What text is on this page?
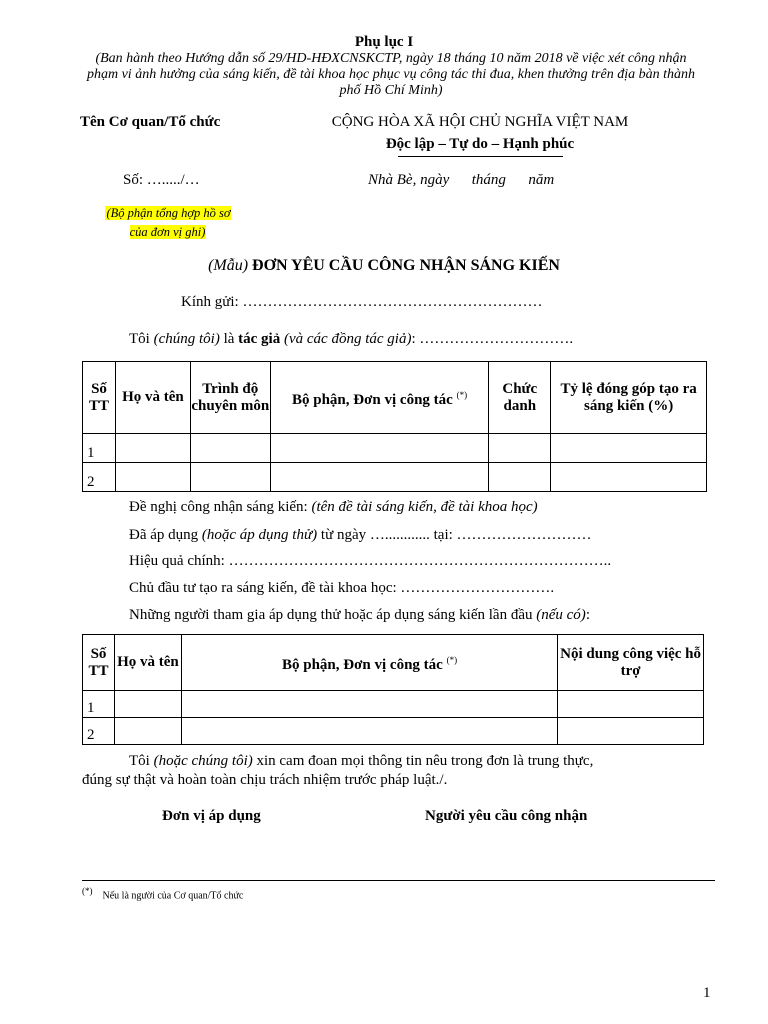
Phụ lục I
(Ban hành theo Hướng dẫn số 29/HD-HĐXCNSKCTP, ngày 18 tháng 10 năm 2018 về việc xét công nhận phạm vi ảnh hưởng của sáng kiến, đề tài khoa học phục vụ công tác thi đua, khen thưởng trên địa bàn thành phố Hồ Chí Minh)
Tên Cơ quan/Tổ chức	CỘNG HÒA XÃ HỘI CHỦ NGHĨA VIỆT NAM
Độc lập – Tự do – Hạnh phúc
Số: …...../…	Nhà Bè, ngày      tháng      năm
(Bộ phận tổng hợp hồ sơ của đơn vị ghi)
(Mẫu) ĐƠN YÊU CẦU CÔNG NHẬN SÁNG KIẾN
Kính gửi: ……………………………………………………
Tôi (chúng tôi) là tác giả (và các đồng tác giả): ………………………….
Số TT	Họ và tên	Trình độ chuyên môn	Bộ phận, Đơn vị công tác (*)	Chức danh	Tỷ lệ đóng góp tạo ra sáng kiến (%)
1					
2					
Đề nghị công nhận sáng kiến: (tên đề tài sáng kiến, đề tài khoa học)
Đã áp dụng (hoặc áp dụng thử) từ ngày …............ tại: ………………………
Hiệu quả chính: …………………………………………………………………..
Chủ đầu tư tạo ra sáng kiến, đề tài khoa học: ………………………….
Những người tham gia áp dụng thử hoặc áp dụng sáng kiến lần đầu (nếu có):
Số TT	Họ và tên	Bộ phận, Đơn vị công tác (*)	Nội dung công việc hỗ trợ
1			
2			
Tôi (hoặc chúng tôi) xin cam đoan mọi thông tin nêu trong đơn là trung thực,
đúng sự thật và hoàn toàn chịu trách nhiệm trước pháp luật./.
Đơn vị áp dụng	Người yêu cầu công nhận
(*) Nếu là người của Cơ quan/Tổ chức
1
